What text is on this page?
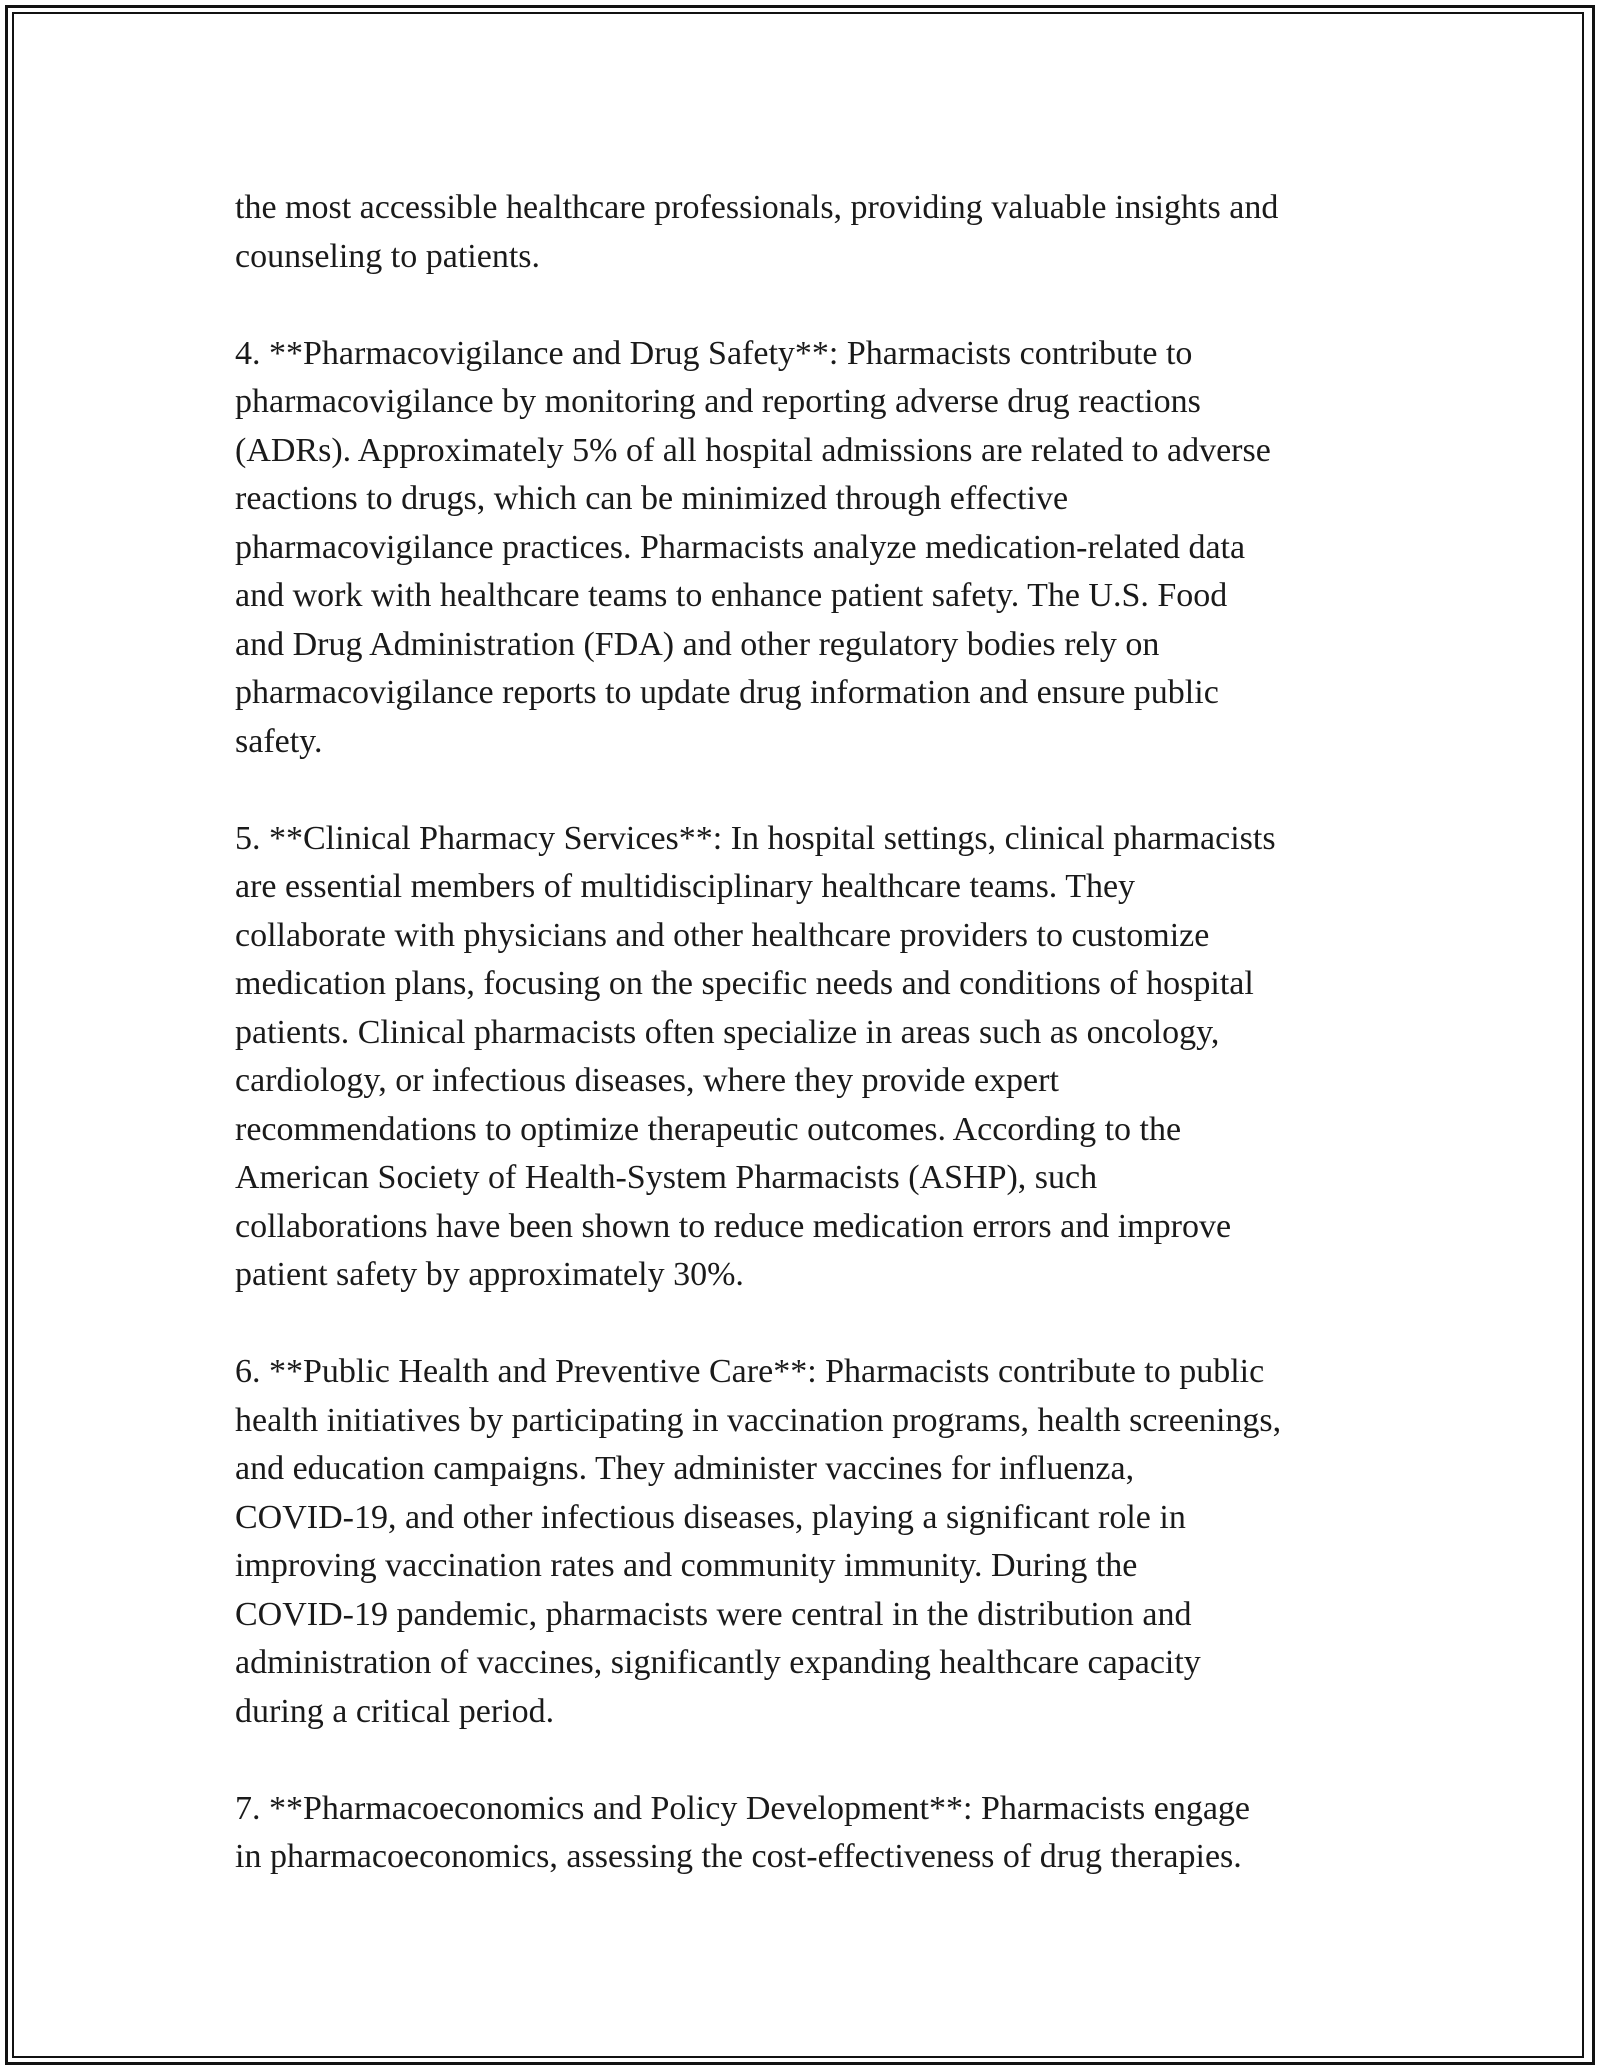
the most accessible healthcare professionals, providing valuable insights and
counseling to patients.

4. **Pharmacovigilance and Drug Safety**: Pharmacists contribute to
pharmacovigilance by monitoring and reporting adverse drug reactions
(ADRs). Approximately 5% of all hospital admissions are related to adverse
reactions to drugs, which can be minimized through effective
pharmacovigilance practices. Pharmacists analyze medication-related data
and work with healthcare teams to enhance patient safety. The U.S. Food
and Drug Administration (FDA) and other regulatory bodies rely on
pharmacovigilance reports to update drug information and ensure public
safety.

5. **Clinical Pharmacy Services**: In hospital settings, clinical pharmacists
are essential members of multidisciplinary healthcare teams. They
collaborate with physicians and other healthcare providers to customize
medication plans, focusing on the specific needs and conditions of hospital
patients. Clinical pharmacists often specialize in areas such as oncology,
cardiology, or infectious diseases, where they provide expert
recommendations to optimize therapeutic outcomes. According to the
American Society of Health-System Pharmacists (ASHP), such
collaborations have been shown to reduce medication errors and improve
patient safety by approximately 30%.

6. **Public Health and Preventive Care**: Pharmacists contribute to public
health initiatives by participating in vaccination programs, health screenings,
and education campaigns. They administer vaccines for influenza,
COVID-19, and other infectious diseases, playing a significant role in
improving vaccination rates and community immunity. During the
COVID-19 pandemic, pharmacists were central in the distribution and
administration of vaccines, significantly expanding healthcare capacity
during a critical period.

7. **Pharmacoeconomics and Policy Development**: Pharmacists engage
in pharmacoeconomics, assessing the cost-effectiveness of drug therapies.
